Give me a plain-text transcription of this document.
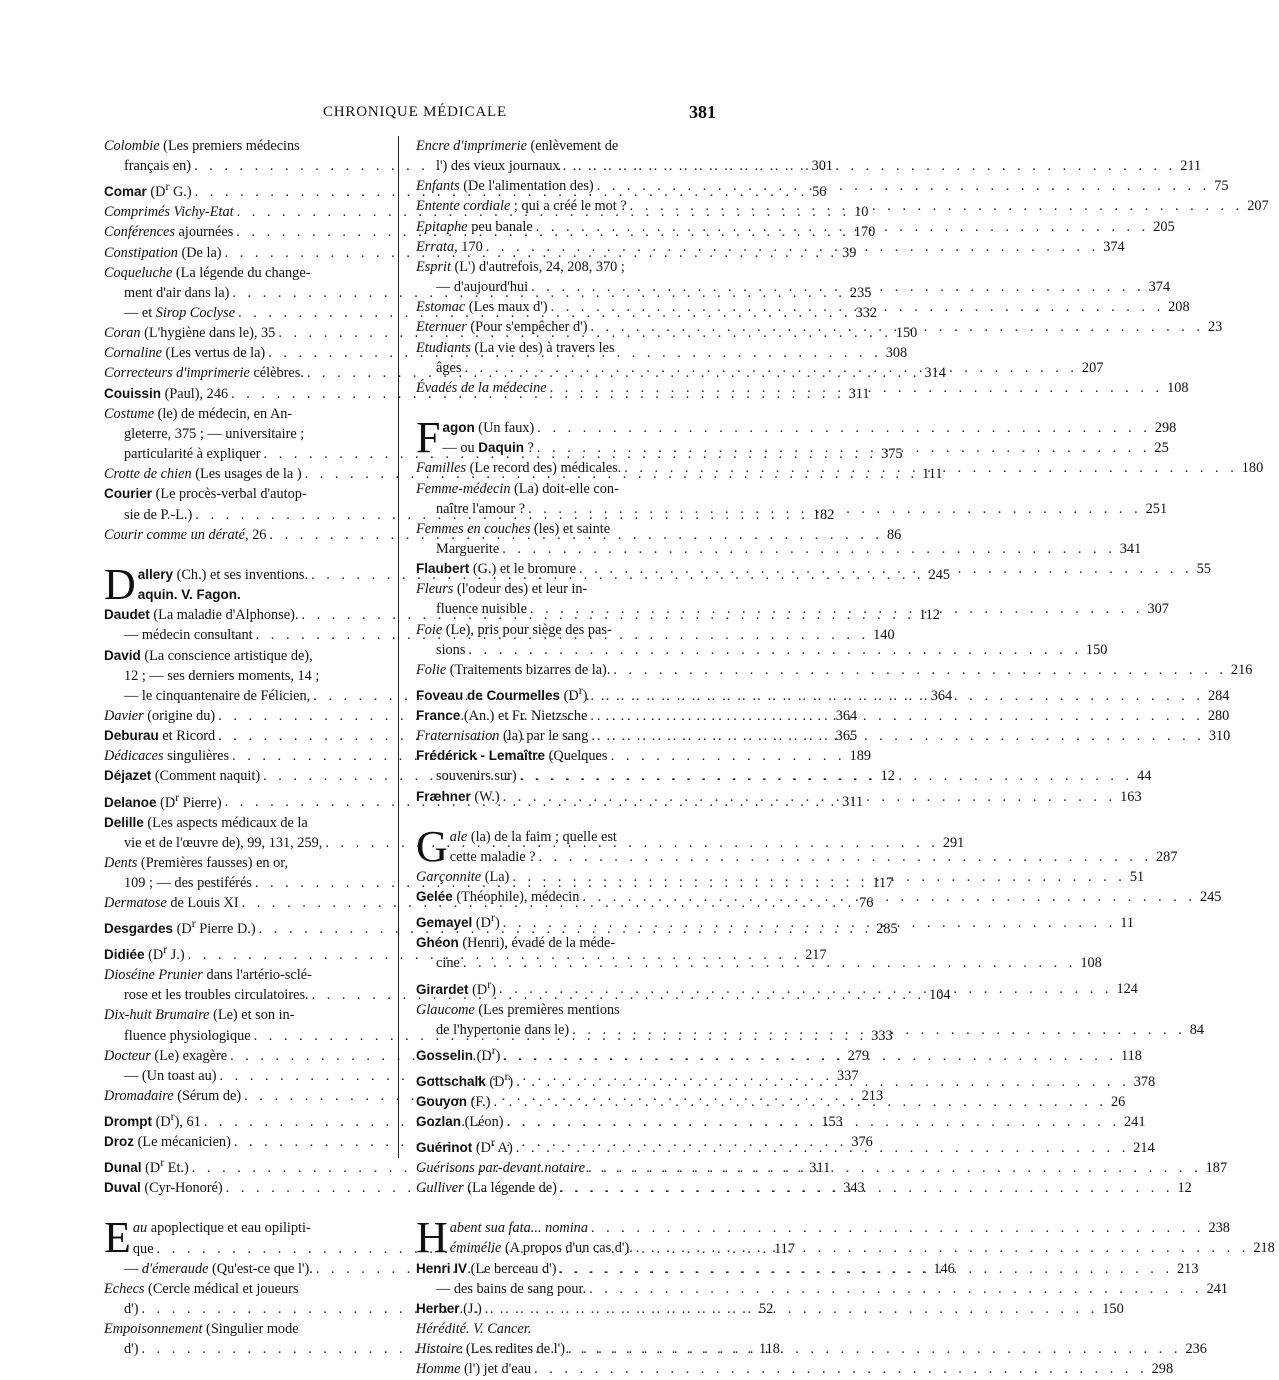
CHRONIQUE MÉDICALE	381
Colombie (Les premiers médecins
français en) . . .	301
Comar ($D^r$ G.) . . .	56
Comprimés Vichy-Etat . . .	10
Conférences ajournées . . .	170
Constipation (De la) . . .	39
Coqueluche (La légende du change-
ment d'air dans la) . . .	235
— et Sirop Coclyse . . .	332
Coran (L'hygiène dans le), 35 . . .	150
Cornaline (Les vertus de la) . . .	308
Correcteurs d'imprimerie célèbres. . . .	314
Couissin (Paul), 246 . . .	311
Costume (le) de médecin, en An-
gleterre, 375 ; — universitaire ;
particularité à expliquer . . .	375
Crotte de chien (Les usages de la ) . . .	111
Courier (Le procès-verbal d'autop-
sie de P.-L.) . . .	182
Courir comme un dératé, 26 . . .	86
D allery (Ch.) et ses inventions. . . .	245
aquin. V. Fagon.
Daudet (La maladie d'Alphonse). . . .	112
— médecin consultant . . .	140
David (La conscience artistique de),
12 ; — ses derniers moments, 14 ;
— le cinquantenaire de Félicien, . . .	364
Davier (origine du) . . .	364
Deburau et Ricord . . .	365
Dédicaces singulières . . .	189
Déjazet (Comment naquit) . . .	12
Delanoe ($D^r$ Pierre) . . .	311
Delille (Les aspects médicaux de la
vie et de l'œuvre de), 99, 131, 259, . . .	291
Dents (Premières fausses) en or,
109 ; — des pestiférés . . .	117
Dermatose de Louis XI . . .	76
Desgardes ($D^r$ Pierre D.) . . .	285
Didiée ($D^r$ J.) . . .	217
Dioséine Prunier dans l'artério-sclé-
rose et les troubles circulatoires. . . .	104
Dix-huit Brumaire (Le) et son in-
fluence physiologique . . .	333
Docteur (Le) exagère . . .	279
— (Un toast au) . . .	337
Dromadaire (Sérum de) . . .	213
Drompt $(D^r)$, 61 . . .	153
Droz (Le mécanicien) . . .	376
Dunal ($D^r$ Et.) . . .	311
Duval (Cyr-Honoré) . . .	343
E au apoplectique et eau opilipti-
que . . .	117
— d'émeraude (Qu'est-ce que l'). . . .	146
Echecs (Cercle médical et joueurs
d') . . .	52
Empoisonnement (Singulier mode
d') . . .	118
Encre d'imprimerie (enlèvement de
l') des vieux journaux . . .	211
Enfants (De l'alimentation des) . . .	75
Entente cordiale ; qui a créé le mot ? . . .	207
Epitaphe peu banale . . .	205
Errata, 170 . . .	374
Esprit (L') d'autrefois, 24, 208, 370 ;
— d'aujourd'hui . . .	374
Estomac (Les maux d') . . .	208
Eternuer (Pour s'empêcher d') . . .	23
Etudiants (La vie des) à travers les
âges . . .	207
Évadés de la médecine . . .	108
F agon (Un faux) . . .	298
— ou Daquin ? . . .	25
Familles (Le record des) médicales. . . .	180
Femme-médecin (La) doit-elle con-
naître l'amour ? . . .	251
Femmes en couches (les) et sainte
Marguerite . . .	341
Flaubert (G.) et le bromure . . .	55
Fleurs (l'odeur des) et leur in-
fluence nuisible . . .	307
Foie (Le), pris pour siège des pas-
sions . . .	150
Folie (Traitements bizarres de la). . . .	216
Foveau de Courmelles $(D^r)$ . . .	284
France (An.) et Fr. Nietzsche . . .	280
Fraternisation (la) par le sang . . .	310
Frédérick - Lemaître (Quelques
souvenirs sur) . . .	44
Fræhner (W.) . . .	163
G ale (la) de la faim ; quelle est
cette maladie ? . . .	287
Garçonnite (La) . . .	51
Gelée (Théophile), médecin . . .	245
Gemayel $(D^r)$ . . .	11
Ghéon (Henri), évadé de la méde-
cine . . .	108
Girardet $(D^r)$ . . .	124
Glaucome (Les premières mentions
de l'hypertonie dans le) . . .	84
Gosselin $(D^r)$ . . .	118
Gottschalk $(D^r)$ . . .	378
Gouyon (F.) . . .	26
Gozlan (Léon) . . .	241
Guérinot ($D^r$ A) . . .	214
Guérisons par-devant notaire . . .	187
Gulliver (La légende de) . . .	12
H abent sua fata... nomina . . .	238
émimélie (A propos d'un cas d'). . . .	218
Henri IV (Le berceau d') . . .	213
— des bains de sang pour. . . .	241
Herber (J.) . . .	150
Hérédité. V. Cancer.
Histoire (Les redites de l') . . .	236
Homme (l') jet d'eau . . .	298
